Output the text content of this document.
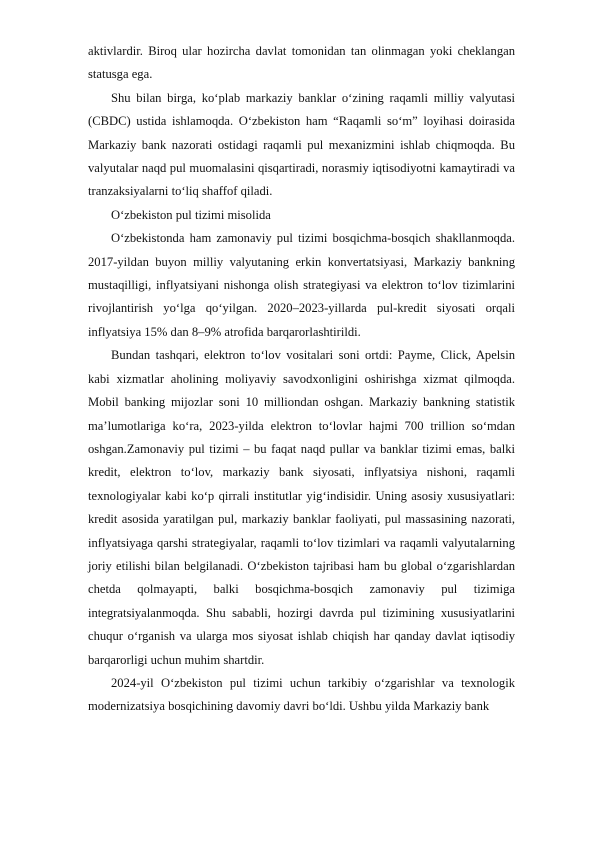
aktivlardir. Biroq ular hozircha davlat tomonidan tan olinmagan yoki cheklangan statusga ega.

Shu bilan birga, ko‘plab markaziy banklar o‘zining raqamli milliy valyutasi (CBDC) ustida ishlamoqda. O‘zbekiston ham “Raqamli so‘m” loyihasi doirasida Markaziy bank nazorati ostidagi raqamli pul mexanizmini ishlab chiqmoqda. Bu valyutalar naqd pul muomalasini qisqartiradi, norasmiy iqtisodiyotni kamaytiradi va tranzaksiyalarni to‘liq shaffof qiladi.

O‘zbekiston pul tizimi misolida

O‘zbekistonda ham zamonaviy pul tizimi bosqichma-bosqich shakllanmoqda. 2017-yildan buyon milliy valyutaning erkin konvertatsiyasi, Markaziy bankning mustaqilligi, inflyatsiyani nishonga olish strategiyasi va elektron to‘lov tizimlarini rivojlantirish yo‘lga qo‘yilgan. 2020–2023-yillarda pul-kredit siyosati orqali inflyatsiya 15% dan 8–9% atrofida barqarorlashtirildi.

Bundan tashqari, elektron to‘lov vositalari soni ortdi: Payme, Click, Apelsin kabi xizmatlar aholining moliyaviy savodxonligini oshirishga xizmat qilmoqda. Mobil banking mijozlar soni 10 milliondan oshgan. Markaziy bankning statistik ma’lumotlariga ko‘ra, 2023-yilda elektron to‘lovlar hajmi 700 trillion so‘mdan oshgan.Zamonaviy pul tizimi – bu faqat naqd pullar va banklar tizimi emas, balki kredit, elektron to‘lov, markaziy bank siyosati, inflyatsiya nishoni, raqamli texnologiyalar kabi ko‘p qirrali institutlar yig‘indisidir. Uning asosiy xususiyatlari: kredit asosida yaratilgan pul, markaziy banklar faoliyati, pul massasining nazorati, inflyatsiyaga qarshi strategiyalar, raqamli to‘lov tizimlari va raqamli valyutalarning joriy etilishi bilan belgilanadi. O‘zbekiston tajribasi ham bu global o‘zgarishlardan chetda qolmayapti, balki bosqichma-bosqich zamonaviy pul tizimiga integratsiyalanmoqda. Shu sababli, hozirgi davrda pul tizimining xususiyatlarini chuqur o‘rganish va ularga mos siyosat ishlab chiqish har qanday davlat iqtisodiy barqarorligi uchun muhim shartdir.

2024-yil O‘zbekiston pul tizimi uchun tarkibiy o‘zgarishlar va texnologik modernizatsiya bosqichining davomiy davri bo‘ldi. Ushbu yilda Markaziy bank
